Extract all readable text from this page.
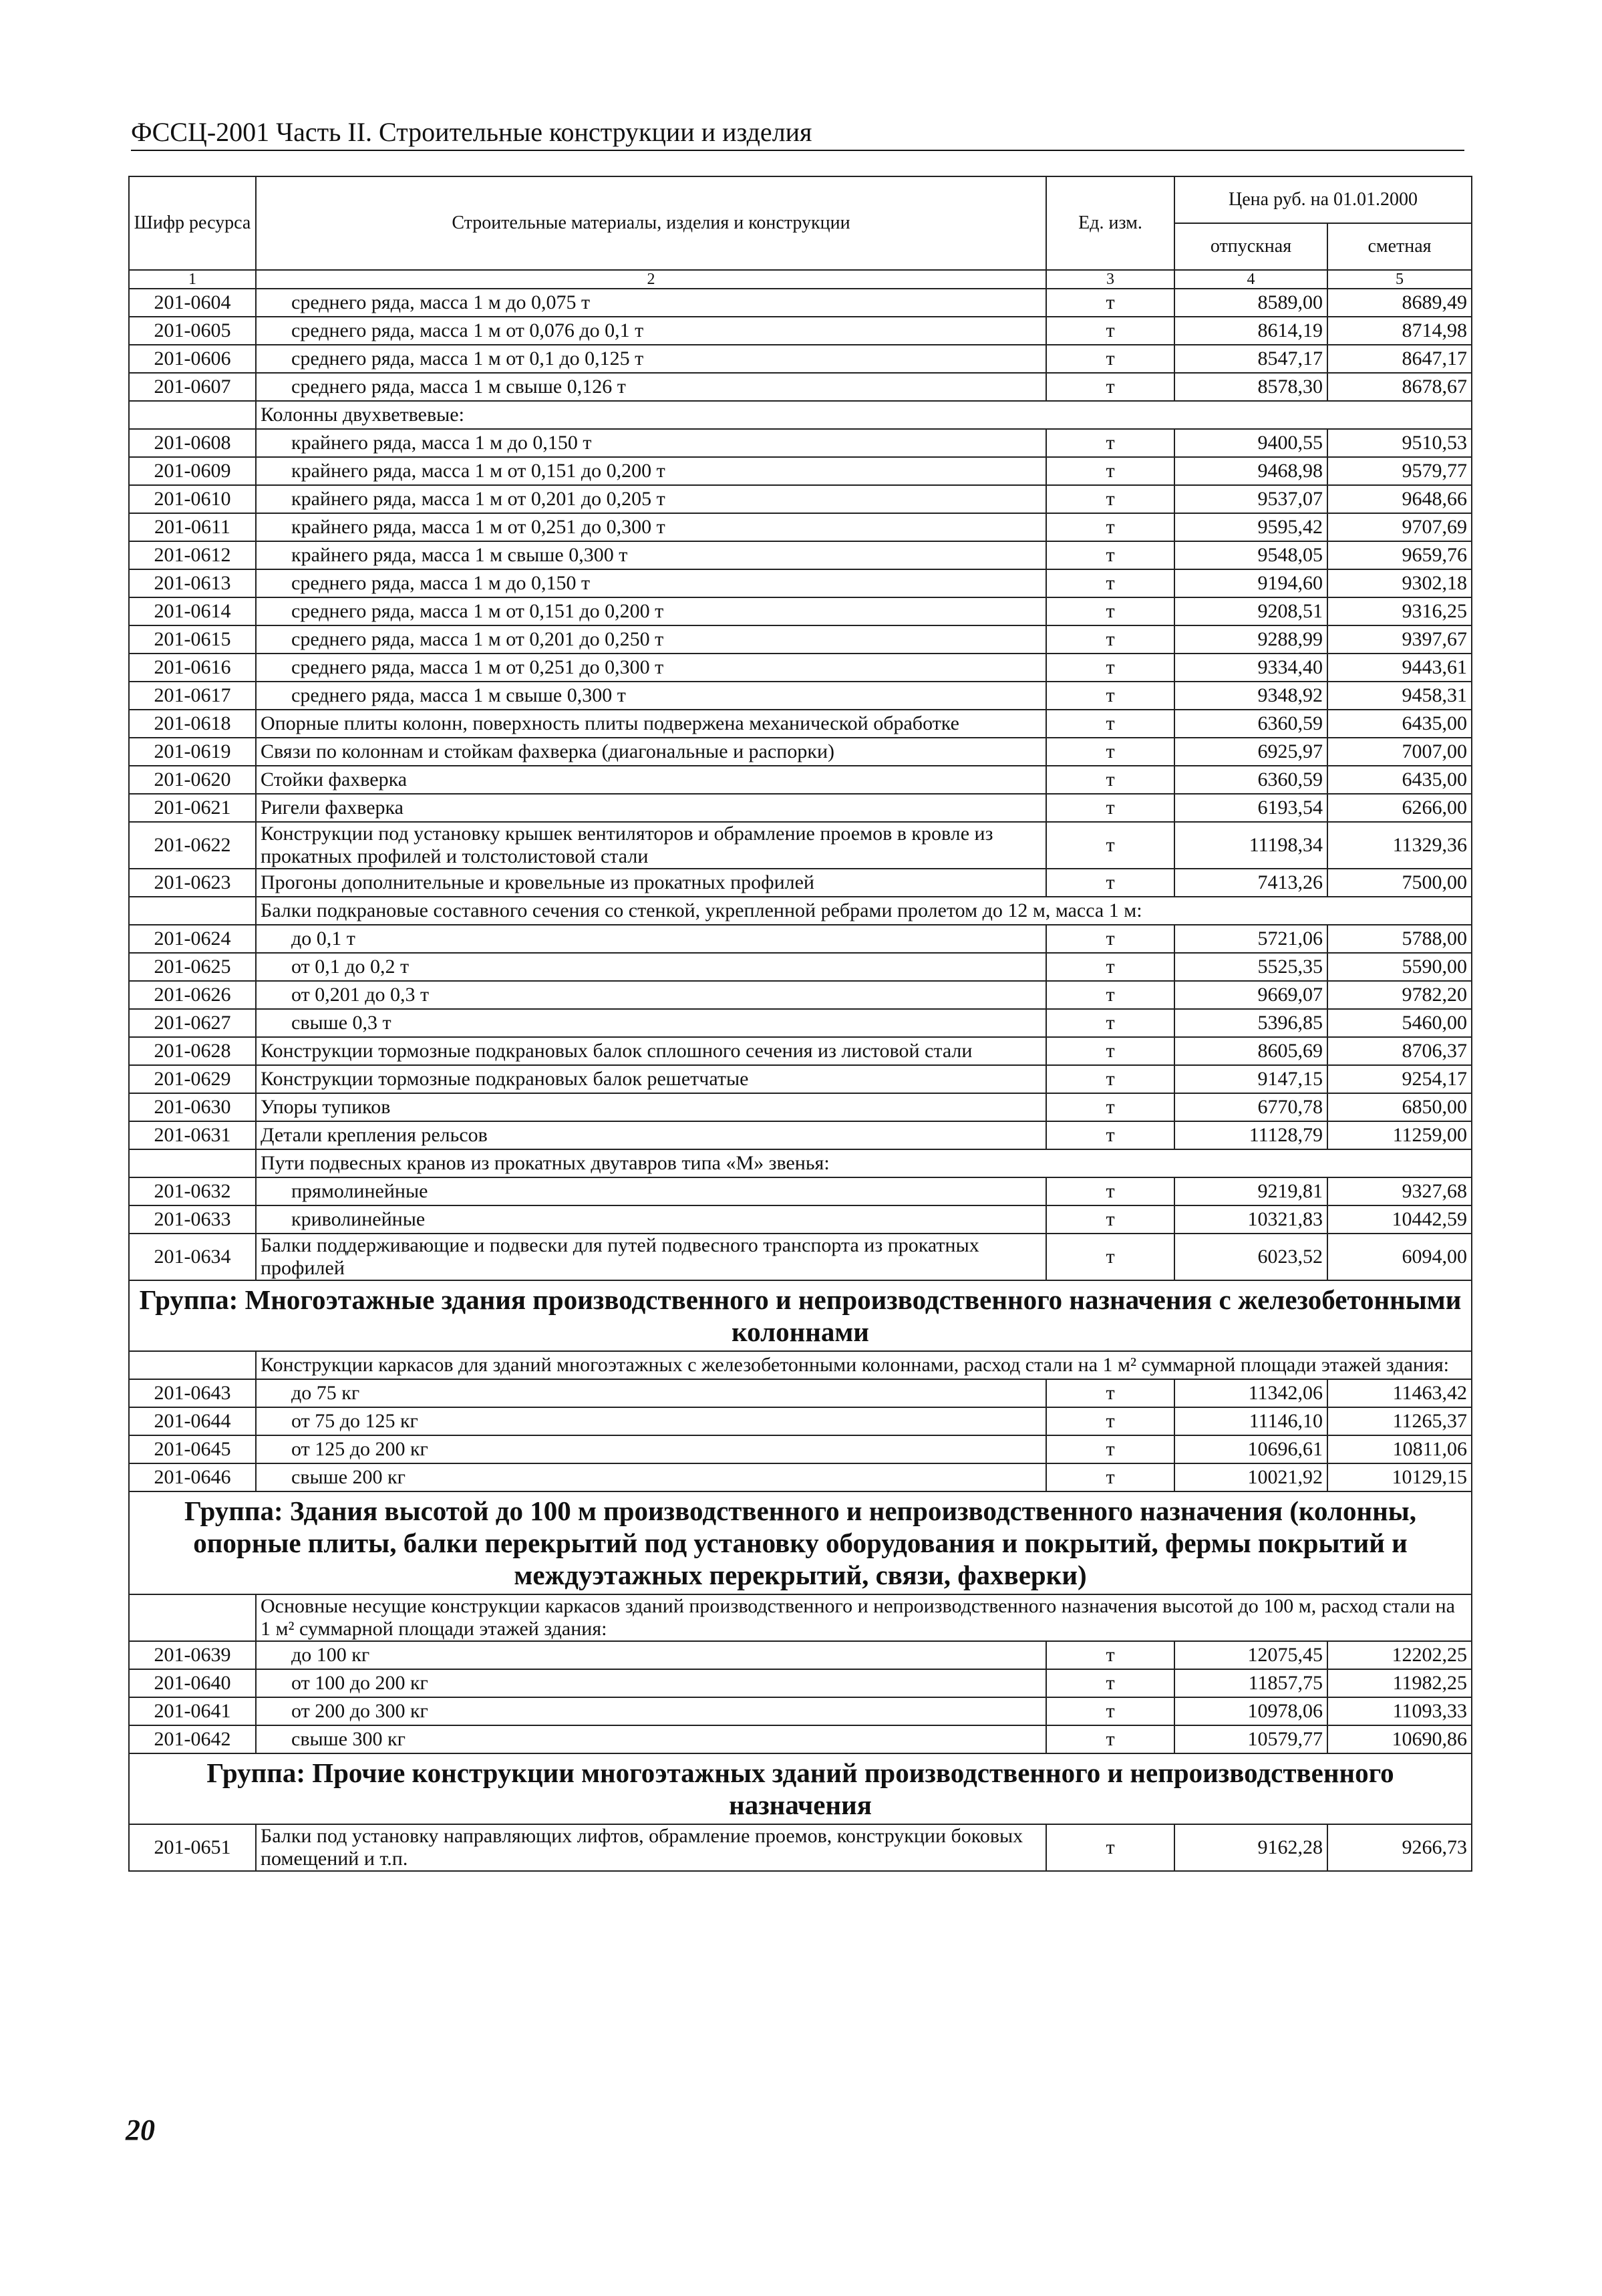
ФССЦ-2001 Часть II. Строительные конструкции и изделия
Шифр ресурса	Строительные материалы, изделия и конструкции	Ед. изм.	Цена руб. на 01.01.2000	
			отпускная	сметная
1	2	3	4	5
201-0604	среднего ряда, масса 1 м до 0,075 т	т	8589,00	8689,49
201-0605	среднего ряда, масса 1 м от 0,076 до 0,1 т	т	8614,19	8714,98
201-0606	среднего ряда, масса 1 м от 0,1 до 0,125 т	т	8547,17	8647,17
201-0607	среднего ряда, масса 1 м свыше 0,126 т	т	8578,30	8678,67
	Колонны двухветвевые:			
201-0608	крайнего ряда, масса 1 м до 0,150 т	т	9400,55	9510,53
201-0609	крайнего ряда, масса 1 м от 0,151 до 0,200 т	т	9468,98	9579,77
201-0610	крайнего ряда, масса 1 м от 0,201 до 0,205 т	т	9537,07	9648,66
201-0611	крайнего ряда, масса 1 м от 0,251 до 0,300 т	т	9595,42	9707,69
201-0612	крайнего ряда, масса 1 м свыше 0,300 т	т	9548,05	9659,76
201-0613	среднего ряда, масса 1 м до 0,150 т	т	9194,60	9302,18
201-0614	среднего ряда, масса 1 м от 0,151 до 0,200 т	т	9208,51	9316,25
201-0615	среднего ряда, масса 1 м от 0,201 до 0,250 т	т	9288,99	9397,67
201-0616	среднего ряда, масса 1 м от 0,251 до 0,300 т	т	9334,40	9443,61
201-0617	среднего ряда, масса 1 м свыше 0,300 т	т	9348,92	9458,31
201-0618	Опорные плиты колонн, поверхность плиты подвержена механической обработке	т	6360,59	6435,00
201-0619	Связи по колоннам и стойкам фахверка (диагональные и распорки)	т	6925,97	7007,00
201-0620	Стойки фахверка	т	6360,59	6435,00
201-0621	Ригели фахверка	т	6193,54	6266,00
201-0622	Конструкции под установку крышек вентиляторов и обрамление проемов в кровле из прокатных профилей и толстолистовой стали	т	11198,34	11329,36
201-0623	Прогоны дополнительные и кровельные из прокатных профилей	т	7413,26	7500,00
	Балки подкрановые составного сечения со стенкой, укрепленной ребрами пролетом до 12 м, масса 1 м:			
201-0624	до 0,1 т	т	5721,06	5788,00
201-0625	от 0,1 до 0,2 т	т	5525,35	5590,00
201-0626	от 0,201 до 0,3 т	т	9669,07	9782,20
201-0627	свыше 0,3 т	т	5396,85	5460,00
201-0628	Конструкции тормозные подкрановых балок сплошного сечения из листовой стали	т	8605,69	8706,37
201-0629	Конструкции тормозные подкрановых балок решетчатые	т	9147,15	9254,17
201-0630	Упоры тупиков	т	6770,78	6850,00
201-0631	Детали крепления рельсов	т	11128,79	11259,00
	Пути подвесных кранов из прокатных двутавров типа «М» звенья:			
201-0632	прямолинейные	т	9219,81	9327,68
201-0633	криволинейные	т	10321,83	10442,59
201-0634	Балки поддерживающие и подвески для путей подвесного транспорта из прокатных профилей	т	6023,52	6094,00
Группа: Многоэтажные здания производственного и непроизводственного назначения с железобетонными колоннами				
	Конструкции каркасов для зданий многоэтажных с железобетонными колоннами, расход стали на 1 м² суммарной площади этажей здания:			
201-0643	до 75 кг	т	11342,06	11463,42
201-0644	от 75 до 125 кг	т	11146,10	11265,37
201-0645	от 125 до 200 кг	т	10696,61	10811,06
201-0646	свыше 200 кг	т	10021,92	10129,15
Группа: Здания высотой до 100 м производственного и непроизводственного назначения (колонны, опорные плиты, балки перекрытий под установку оборудования и покрытий, фермы покрытий и междуэтажных перекрытий, связи, фахверки)				
	Основные несущие конструкции каркасов зданий производственного и непроизводственного назначения высотой до 100 м, расход стали на 1 м² суммарной площади этажей здания:			
201-0639	до 100 кг	т	12075,45	12202,25
201-0640	от 100 до 200 кг	т	11857,75	11982,25
201-0641	от 200 до 300 кг	т	10978,06	11093,33
201-0642	свыше 300 кг	т	10579,77	10690,86
Группа: Прочие конструкции многоэтажных зданий производственного и непроизводственного назначения				
201-0651	Балки под установку направляющих лифтов, обрамление проемов, конструкции боковых помещений и т.п.	т	9162,28	9266,73
20
